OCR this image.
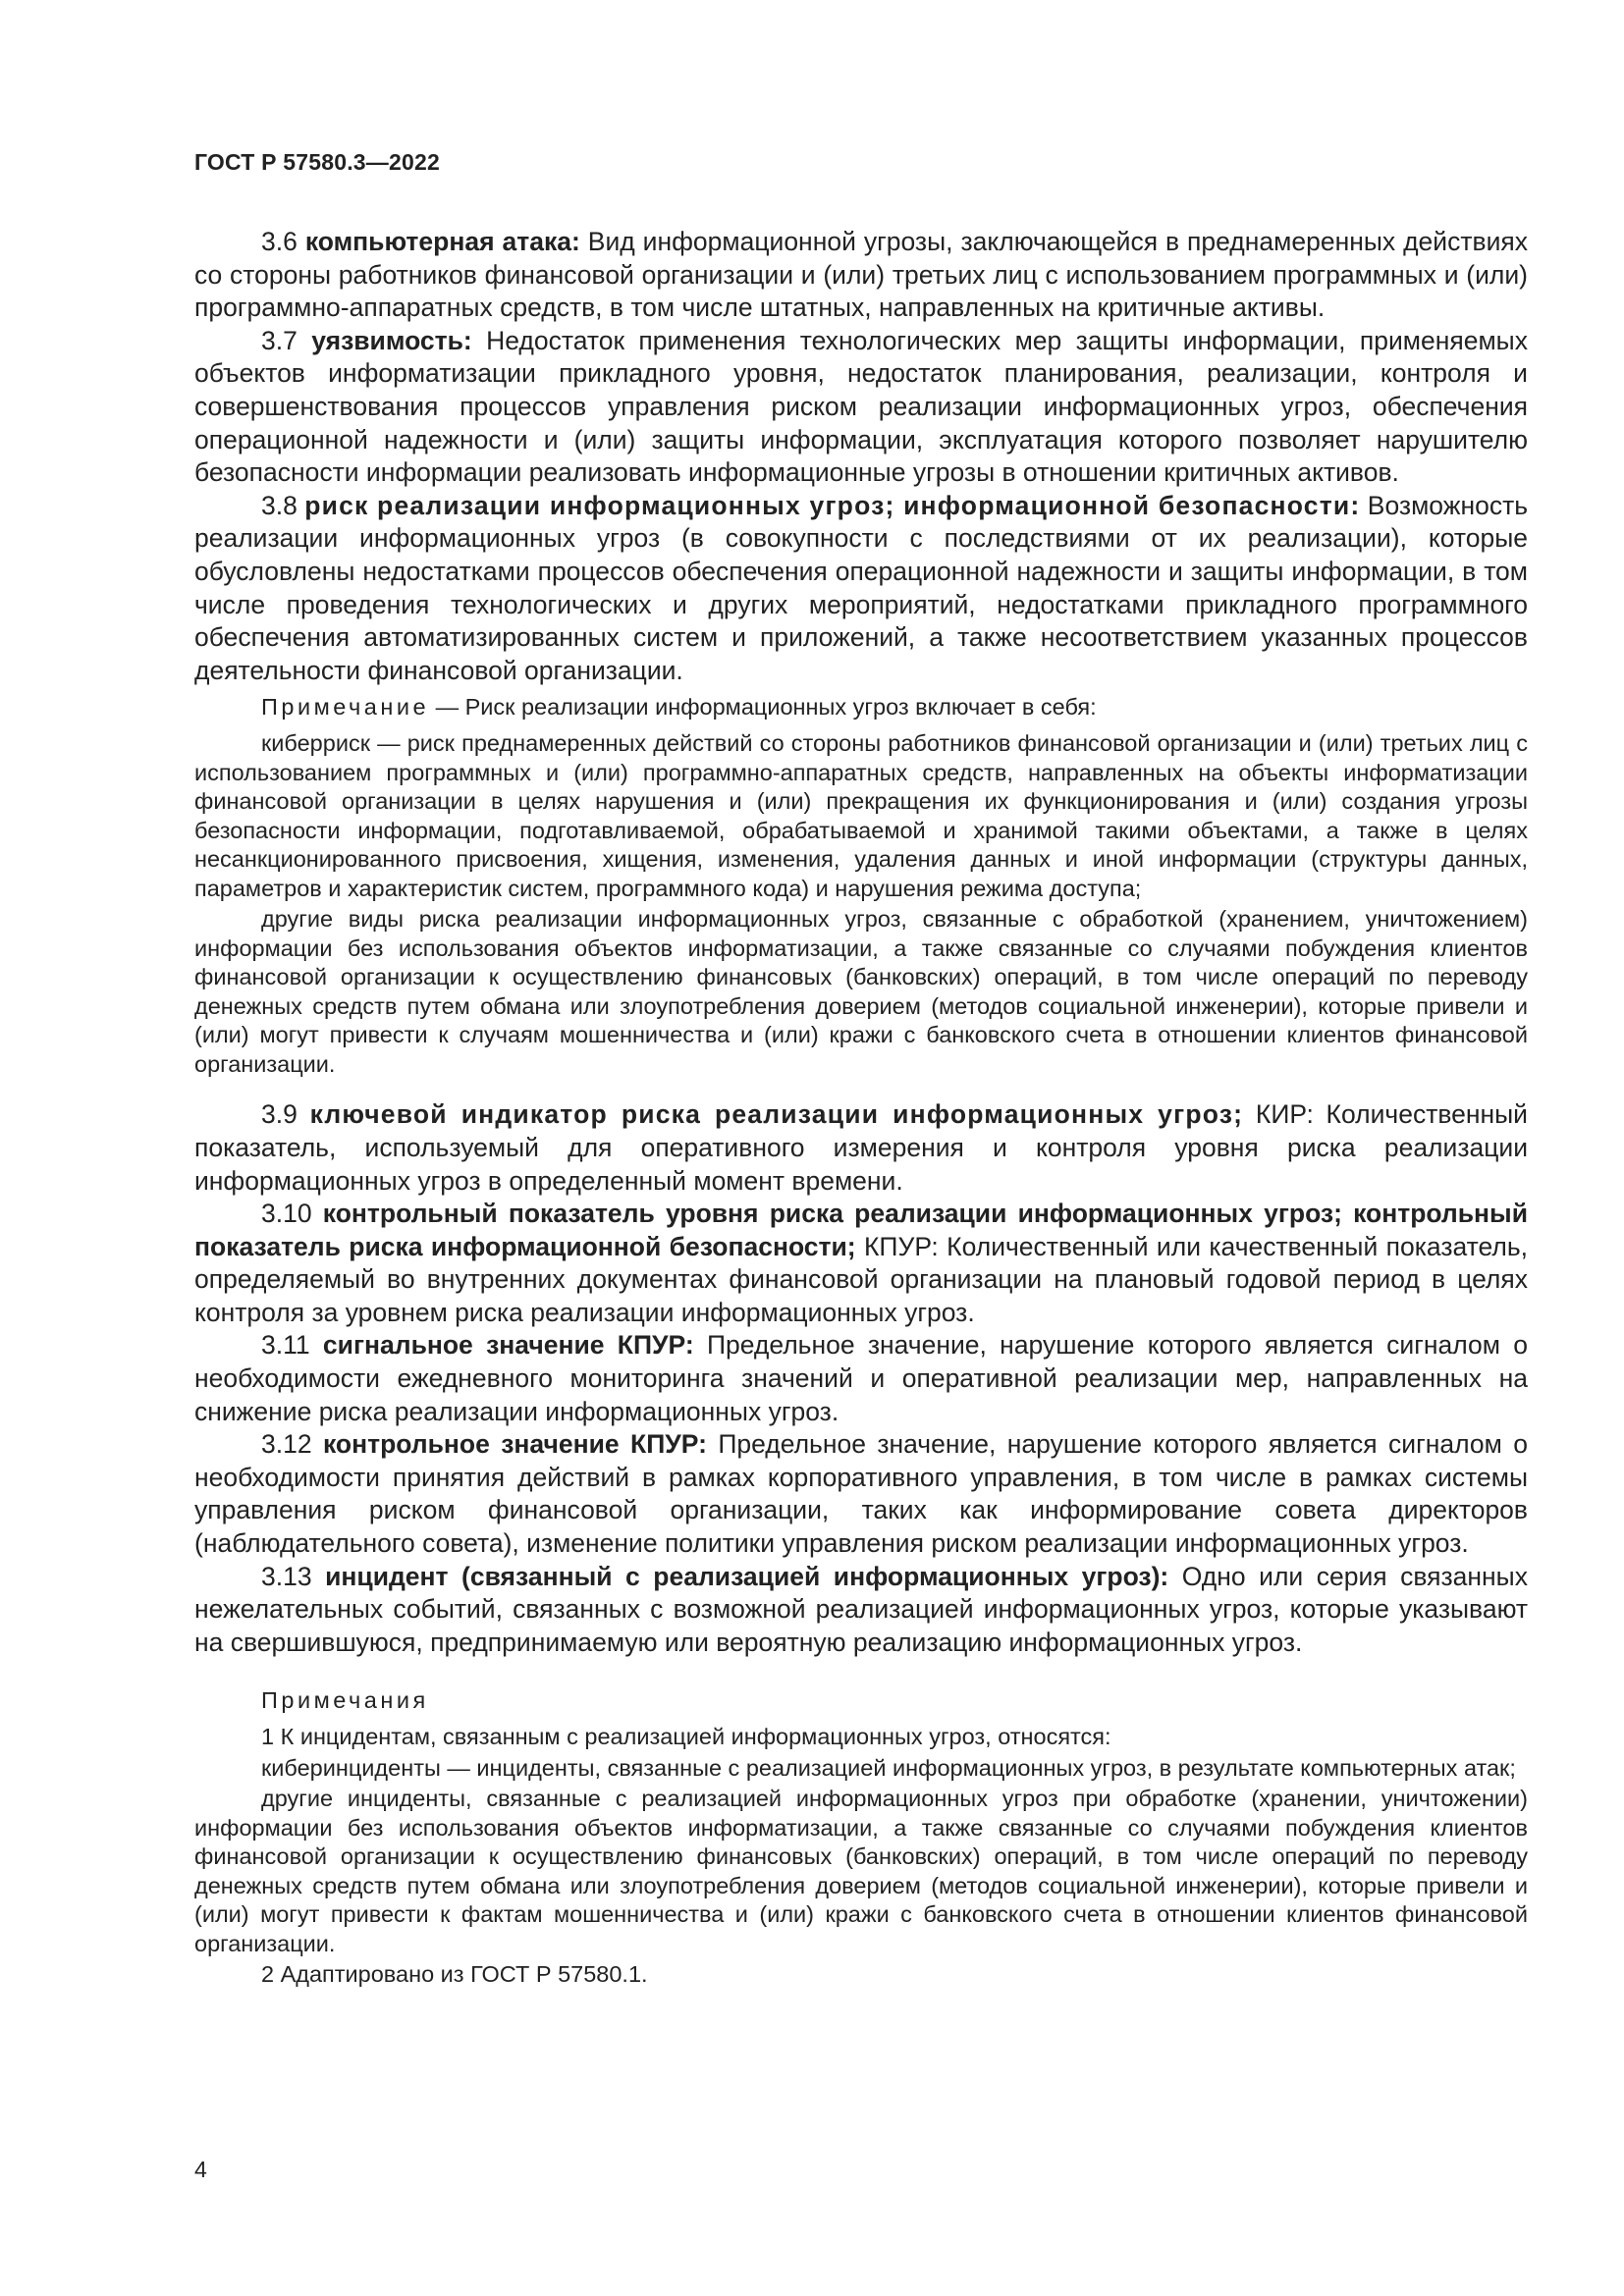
ГОСТ Р 57580.3—2022

3.6 компьютерная атака: Вид информационной угрозы, заключающейся в преднамеренных действиях со стороны работников финансовой организации и (или) третьих лиц с использованием программных и (или) программно-аппаратных средств, в том числе штатных, направленных на критичные активы.

3.7 уязвимость: Недостаток применения технологических мер защиты информации, применяемых объектов информатизации прикладного уровня, недостаток планирования, реализации, контроля и совершенствования процессов управления риском реализации информационных угроз, обеспечения операционной надежности и (или) защиты информации, эксплуатация которого позволяет нарушителю безопасности информации реализовать информационные угрозы в отношении критичных активов.

3.8 риск реализации информационных угроз; информационной безопасности: Возможность реализации информационных угроз (в совокупности с последствиями от их реализации), которые обусловлены недостатками процессов обеспечения операционной надежности и защиты информации, в том числе проведения технологических и других мероприятий, недостатками прикладного программного обеспечения автоматизированных систем и приложений, а также несоответствием указанных процессов деятельности финансовой организации.

Примечание — Риск реализации информационных угроз включает в себя:

киберриск — риск преднамеренных действий со стороны работников финансовой организации и (или) третьих лиц с использованием программных и (или) программно-аппаратных средств, направленных на объекты информатизации финансовой организации в целях нарушения и (или) прекращения их функционирования и (или) создания угрозы безопасности информации, подготавливаемой, обрабатываемой и хранимой такими объектами, а также в целях несанкционированного присвоения, хищения, изменения, удаления данных и иной информации (структуры данных, параметров и характеристик систем, программного кода) и нарушения режима доступа;

другие виды риска реализации информационных угроз, связанные с обработкой (хранением, уничтожением) информации без использования объектов информатизации, а также связанные со случаями побуждения клиентов финансовой организации к осуществлению финансовых (банковских) операций, в том числе операций по переводу денежных средств путем обмана или злоупотребления доверием (методов социальной инженерии), которые привели и (или) могут привести к случаям мошенничества и (или) кражи с банковского счета в отношении клиентов финансовой организации.

3.9 ключевой индикатор риска реализации информационных угроз; КИР: Количественный показатель, используемый для оперативного измерения и контроля уровня риска реализации информационных угроз в определенный момент времени.

3.10 контрольный показатель уровня риска реализации информационных угроз; контрольный показатель риска информационной безопасности; КПУР: Количественный или качественный показатель, определяемый во внутренних документах финансовой организации на плановый годовой период в целях контроля за уровнем риска реализации информационных угроз.

3.11 сигнальное значение КПУР: Предельное значение, нарушение которого является сигналом о необходимости ежедневного мониторинга значений и оперативной реализации мер, направленных на снижение риска реализации информационных угроз.

3.12 контрольное значение КПУР: Предельное значение, нарушение которого является сигналом о необходимости принятия действий в рамках корпоративного управления, в том числе в рамках системы управления риском финансовой организации, таких как информирование совета директоров (наблюдательного совета), изменение политики управления риском реализации информационных угроз.

3.13 инцидент (связанный с реализацией информационных угроз): Одно или серия связанных нежелательных событий, связанных с возможной реализацией информационных угроз, которые указывают на свершившуюся, предпринимаемую или вероятную реализацию информационных угроз.

Примечания

1 К инцидентам, связанным с реализацией информационных угроз, относятся:

киберинциденты — инциденты, связанные с реализацией информационных угроз, в результате компьютерных атак;

другие инциденты, связанные с реализацией информационных угроз при обработке (хранении, уничтожении) информации без использования объектов информатизации, а также связанные со случаями побуждения клиентов финансовой организации к осуществлению финансовых (банковских) операций, в том числе операций по переводу денежных средств путем обмана или злоупотребления доверием (методов социальной инженерии), которые привели и (или) могут привести к фактам мошенничества и (или) кражи с банковского счета в отношении клиентов финансовой организации.

2 Адаптировано из ГОСТ Р 57580.1.

4
